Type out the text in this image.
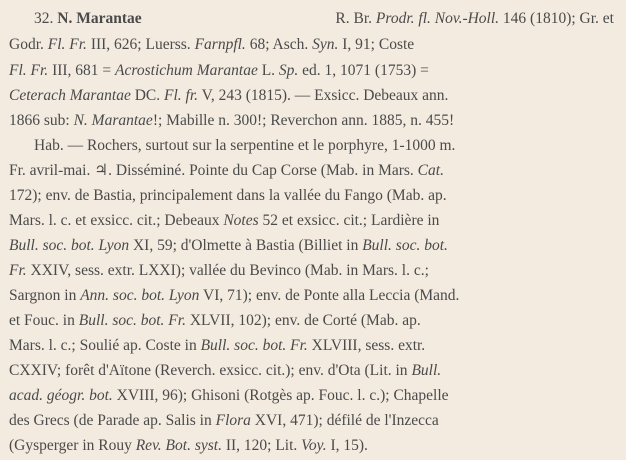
32. N. Marantae	R. Br. Prodr. fl. Nov.-Holl. 146 (1810); Gr. et
Godr. Fl. Fr. III, 626; Luerss. Farnpfl. 68; Asch. Syn. I, 91; Coste
Fl. Fr. III, 681 = Acrostichum Marantae L. Sp. ed. 1, 1071 (1753) =
Ceterach Marantae DC. Fl. fr. V, 243 (1815). — Exsicc. Debeaux ann.
1866 sub: N. Marantae!; Mabille n. 300!; Reverchon ann. 1885, n. 455!
Hab. — Rochers, surtout sur la serpentine et le porphyre, 1-1000 m.
Fr. avril-mai. ♃. Disséminé. Pointe du Cap Corse (Mab. in Mars. Cat.
172); env. de Bastia, principalement dans la vallée du Fango (Mab. ap.
Mars. l. c. et exsicc. cit.; Debeaux Notes 52 et exsicc. cit.; Lardière in
Bull. soc. bot. Lyon XI, 59; d'Olmette à Bastia (Billiet in Bull. soc. bot.
Fr. XXIV, sess. extr. LXXI); vallée du Bevinco (Mab. in Mars. l. c.;
Sargnon in Ann. soc. bot. Lyon VI, 71); env. de Ponte alla Leccia (Mand.
et Fouc. in Bull. soc. bot. Fr. XLVII, 102); env. de Corté (Mab. ap.
Mars. l. c.; Soulié ap. Coste in Bull. soc. bot. Fr. XLVIII, sess. extr.
CXXIV; forêt d'Aïtone (Reverch. exsicc. cit.); env. d'Ota (Lit. in Bull.
acad. géogr. bot. XVIII, 96); Ghisoni (Rotgès ap. Fouc. l. c.); Chapelle
des Grecs (de Parade ap. Salis in Flora XVI, 471); défilé de l'Inzecca
(Gysperger in Rouy Rev. Bot. syst. II, 120; Lit. Voy. I, 15).
